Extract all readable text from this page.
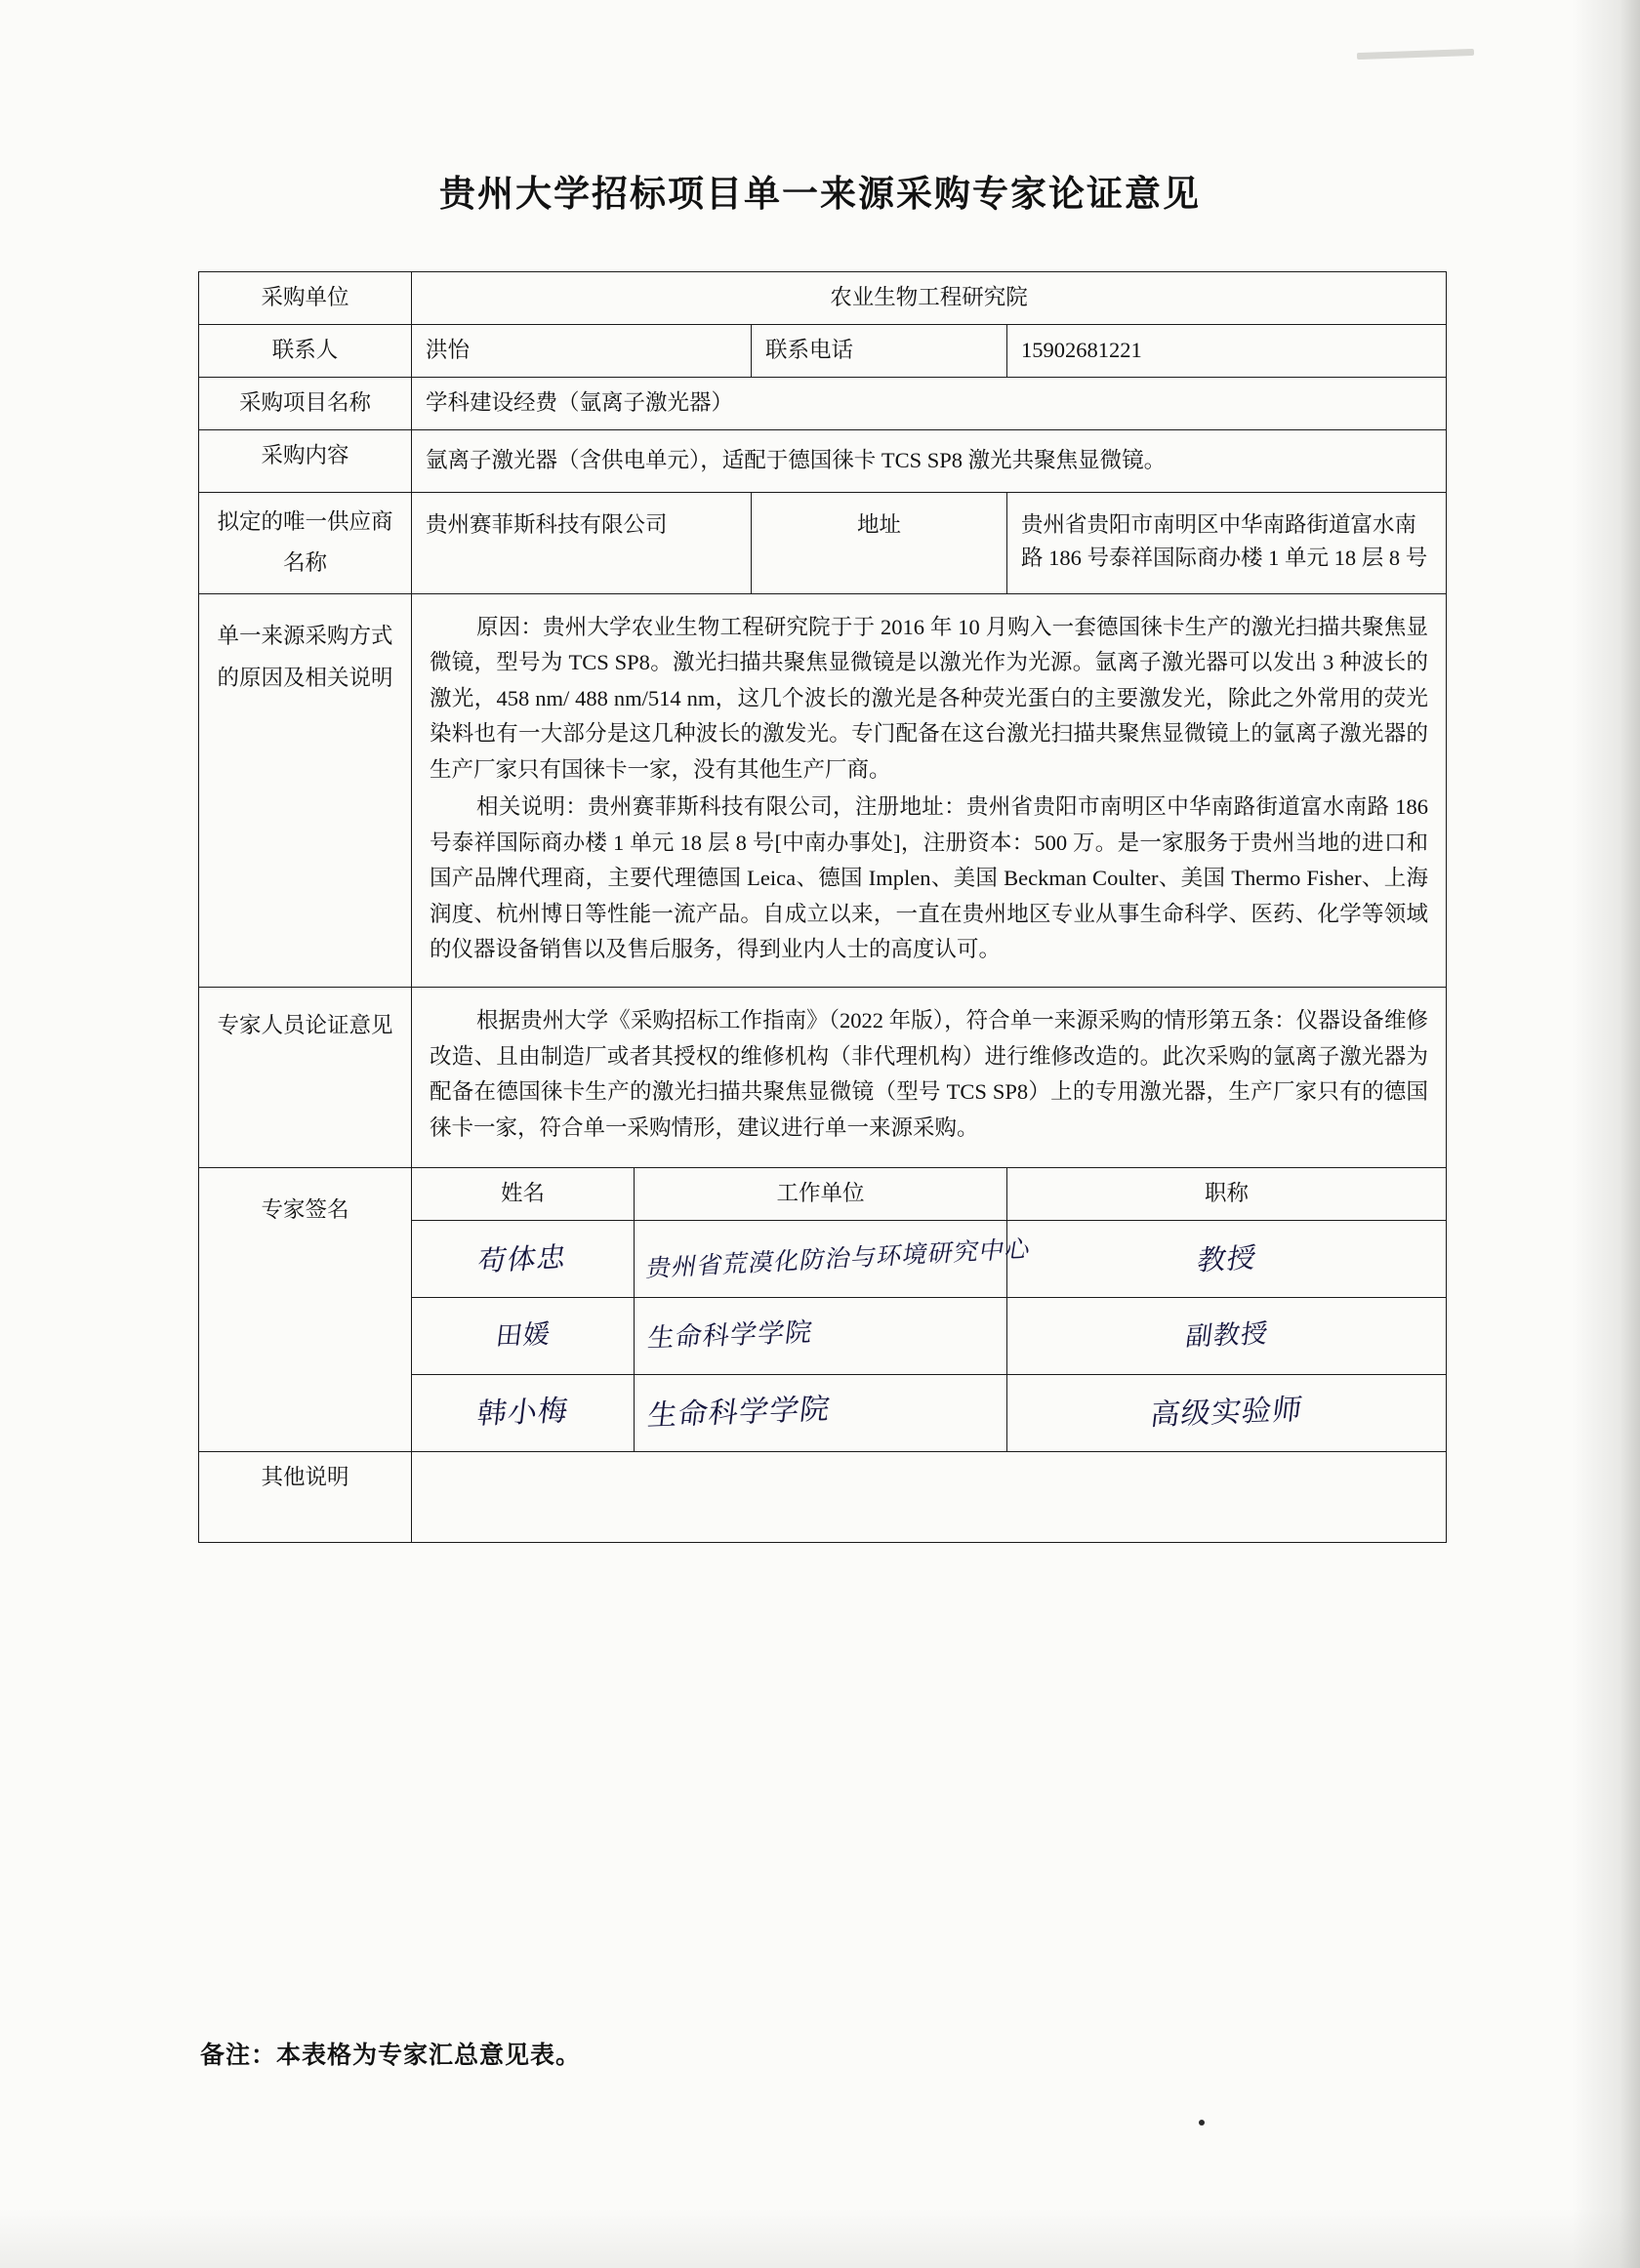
贵州大学招标项目单一来源采购专家论证意见
采购单位	农业生物工程研究院			
联系人	洪怡		联系电话	15902681221
采购项目名称	学科建设经费（氩离子激光器）			
采购内容	氩离子激光器（含供电单元），适配于德国徕卡 TCS SP8 激光共聚焦显微镜。			
拟定的唯一供应商名称	贵州赛菲斯科技有限公司		地址	贵州省贵阳市南明区中华南路街道富水南路 186 号泰祥国际商办楼 1 单元 18 层 8 号
单一来源采购方式的原因及相关说明	原因：贵州大学农业生物工程研究院于于 2016 年 10 月购入一套德国徕卡生产的激光扫描共聚焦显微镜，型号为 TCS SP8。激光扫描共聚焦显微镜是以激光作为光源。氩离子激光器可以发出 3 种波长的激光，458 nm/ 488 nm/514 nm，这几个波长的激光是各种荧光蛋白的主要激发光，除此之外常用的荧光染料也有一大部分是这几种波长的激发光。专门配备在这台激光扫描共聚焦显微镜上的氩离子激光器的生产厂家只有国徕卡一家，没有其他生产厂商。

相关说明：贵州赛菲斯科技有限公司，注册地址：贵州省贵阳市南明区中华南路街道富水南路 186 号泰祥国际商办楼 1 单元 18 层 8 号[中南办事处]，注册资本：500 万。是一家服务于贵州当地的进口和国产品牌代理商，主要代理德国 Leica、德国 Implen、美国 Beckman Coulter、美国 Thermo Fisher、上海润度、杭州博日等性能一流产品。自成立以来，一直在贵州地区专业从事生命科学、医药、化学等领域的仪器设备销售以及售后服务，得到业内人士的高度认可。			

专家人员论证意见	根据贵州大学《采购招标工作指南》（2022 年版），符合单一来源采购的情形第五条：仪器设备维修改造、且由制造厂或者其授权的维修机构（非代理机构）进行维修改造的。此次采购的氩离子激光器为配备在德国徕卡生产的激光扫描共聚焦显微镜（型号 TCS SP8）上的专用激光器，生产厂家只有的德国徕卡一家，符合单一采购情形，建议进行单一来源采购。			

专家签名	姓名	工作单位		职称
	苟体忠	贵州省荒漠化防治与环境研究中心		教授
	田媛	生命科学学院		副教授
	韩小梅	生命科学学院		高级实验师
其他说明				
备注：本表格为专家汇总意见表。
